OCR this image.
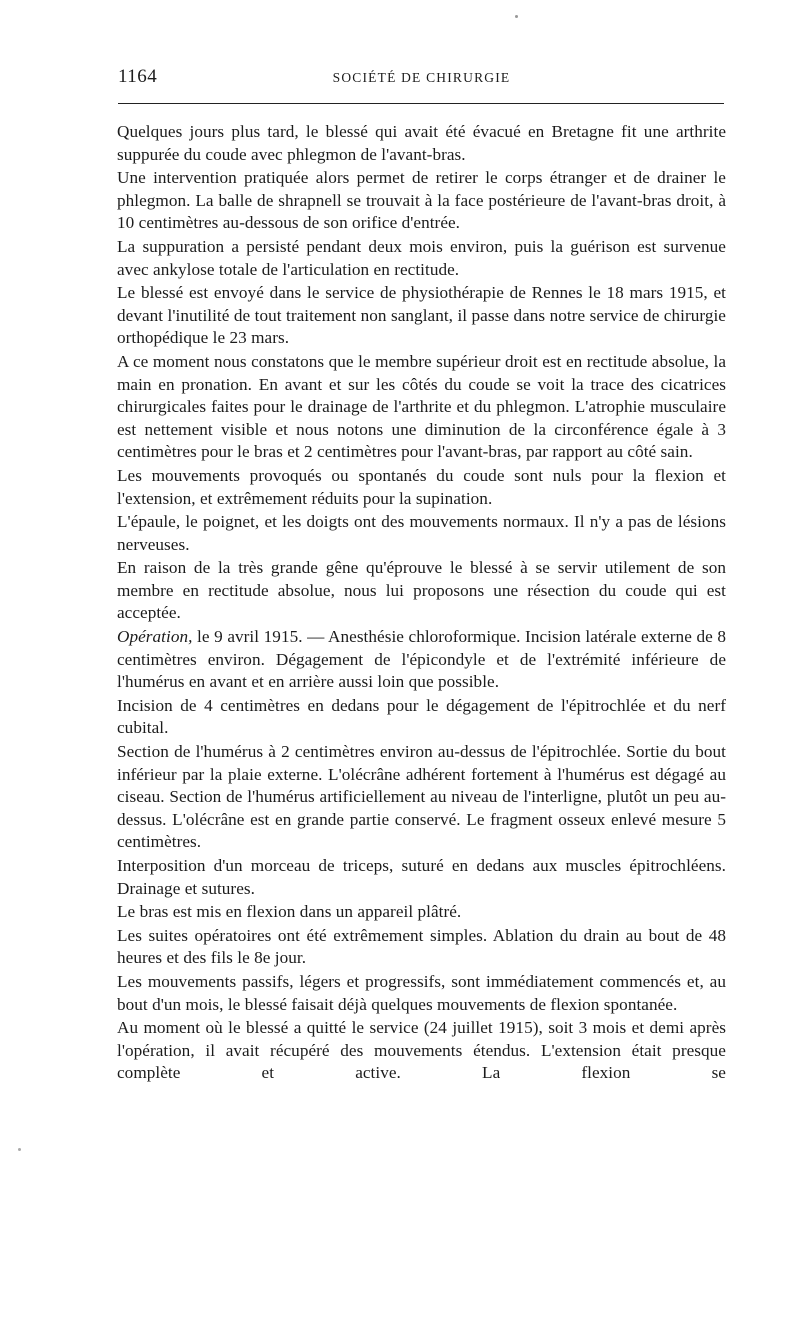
1164	SOCIÉTÉ DE CHIRURGIE

Quelques jours plus tard, le blessé qui avait été évacué en Bretagne fit une arthrite suppurée du coude avec phlegmon de l'avant-bras.

Une intervention pratiquée alors permet de retirer le corps étranger et de drainer le phlegmon. La balle de shrapnell se trouvait à la face postérieure de l'avant-bras droit, à 10 centimètres au-dessous de son orifice d'entrée.

La suppuration a persisté pendant deux mois environ, puis la guérison est survenue avec ankylose totale de l'articulation en rectitude.

Le blessé est envoyé dans le service de physiothérapie de Rennes le 18 mars 1915, et devant l'inutilité de tout traitement non sanglant, il passe dans notre service de chirurgie orthopédique le 23 mars.

A ce moment nous constatons que le membre supérieur droit est en rectitude absolue, la main en pronation. En avant et sur les côtés du coude se voit la trace des cicatrices chirurgicales faites pour le drainage de l'arthrite et du phlegmon. L'atrophie musculaire est nettement visible et nous notons une diminution de la circonférence égale à 3 centimètres pour le bras et 2 centimètres pour l'avant-bras, par rapport au côté sain.

Les mouvements provoqués ou spontanés du coude sont nuls pour la flexion et l'extension, et extrêmement réduits pour la supination.

L'épaule, le poignet, et les doigts ont des mouvements normaux. Il n'y a pas de lésions nerveuses.

En raison de la très grande gêne qu'éprouve le blessé à se servir utilement de son membre en rectitude absolue, nous lui proposons une résection du coude qui est acceptée.

Opération, le 9 avril 1915. — Anesthésie chloroformique. Incision latérale externe de 8 centimètres environ. Dégagement de l'épicondyle et de l'extrémité inférieure de l'humérus en avant et en arrière aussi loin que possible.

Incision de 4 centimètres en dedans pour le dégagement de l'épitrochlée et du nerf cubital.

Section de l'humérus à 2 centimètres environ au-dessus de l'épitrochlée. Sortie du bout inférieur par la plaie externe. L'olécrâne adhérent fortement à l'humérus est dégagé au ciseau. Section de l'humérus artificiellement au niveau de l'interligne, plutôt un peu au-dessus. L'olécrâne est en grande partie conservé. Le fragment osseux enlevé mesure 5 centimètres.

Interposition d'un morceau de triceps, suturé en dedans aux muscles épitrochléens. Drainage et sutures.

Le bras est mis en flexion dans un appareil plâtré.

Les suites opératoires ont été extrêmement simples. Ablation du drain au bout de 48 heures et des fils le 8e jour.

Les mouvements passifs, légers et progressifs, sont immédiatement commencés et, au bout d'un mois, le blessé faisait déjà quelques mouvements de flexion spontanée.

Au moment où le blessé a quitté le service (24 juillet 1915), soit 3 mois et demi après l'opération, il avait récupéré des mouvements étendus. L'extension était presque complète et active. La flexion se
